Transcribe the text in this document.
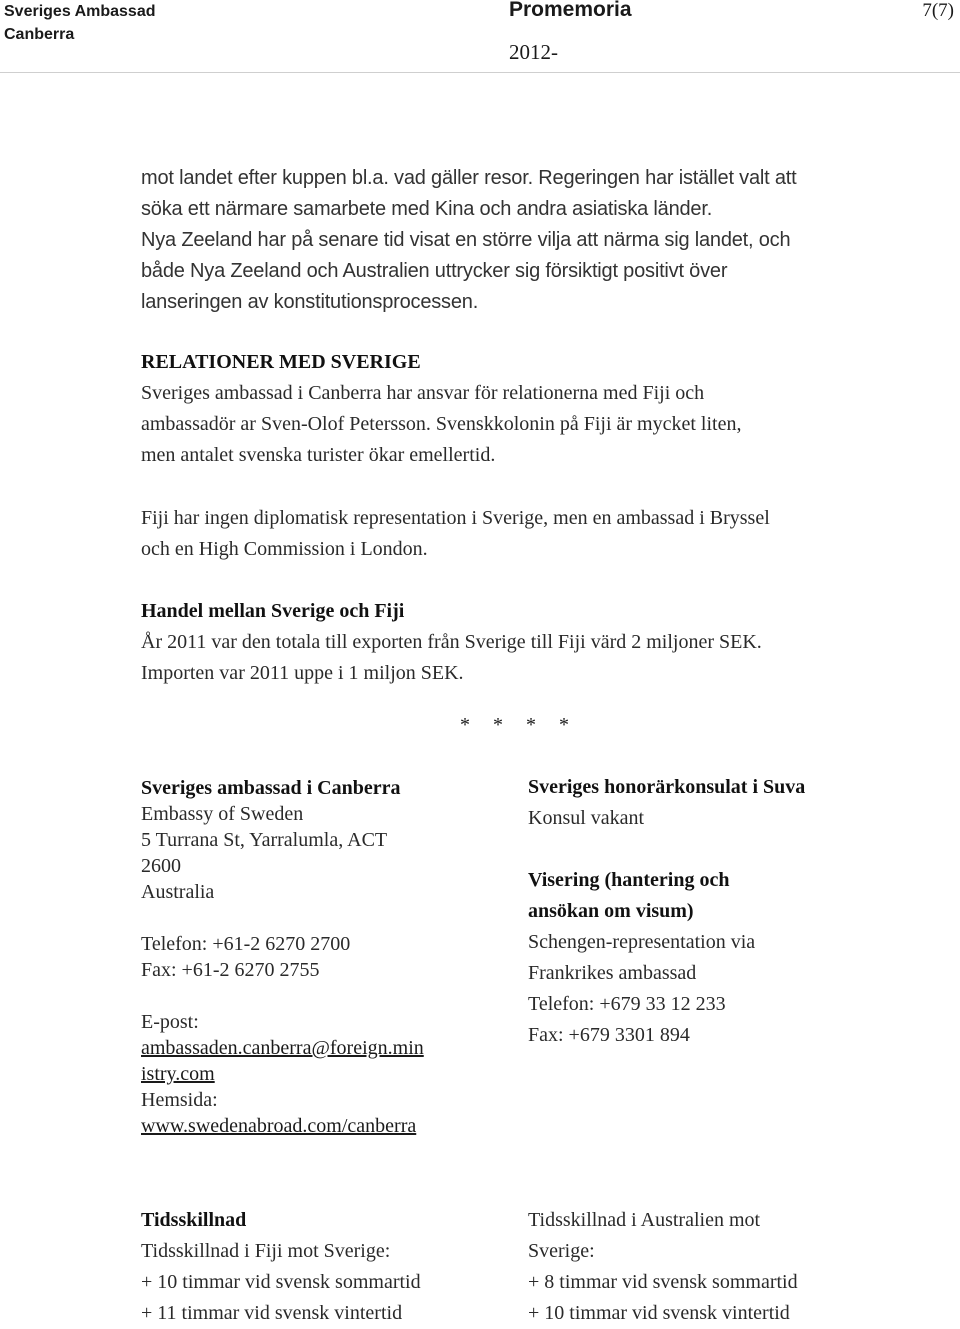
Sveriges Ambassad
Canberra
Promemoria	7(7)
2012-
mot landet efter kuppen bl.a. vad gäller resor. Regeringen har istället valt att
söka ett närmare samarbete med Kina och andra asiatiska länder.
Nya Zeeland har på senare tid visat en större vilja att närma sig landet, och
både Nya Zeeland och Australien uttrycker sig försiktigt positivt över
lanseringen av konstitutionsprocessen.
RELATIONER MED SVERIGE
Sveriges ambassad i Canberra har ansvar för relationerna med Fiji och
ambassadör ar Sven-Olof Petersson. Svenskkolonin på Fiji är mycket liten,
men antalet svenska turister ökar emellertid.
Fiji har ingen diplomatisk representation i Sverige, men en ambassad i Bryssel
och en High Commission i London.
Handel mellan Sverige och Fiji
År 2011 var den totala till exporten från Sverige till Fiji värd 2 miljoner SEK.
Importen var 2011 uppe i 1 miljon SEK.
* * * *
Sveriges ambassad i Canberra
Embassy of Sweden
5 Turrana St, Yarralumla, ACT
2600
Australia
Telefon: +61-2 6270 2700
Fax: +61-2 6270 2755
E-post:
ambassaden.canberra@foreign.min
istry.com
Hemsida:
www.swedenabroad.com/canberra
Sveriges honorärkonsulat i Suva
Konsul vakant
Visering (hantering och
ansökan om visum)
Schengen-representation via
Frankrikes ambassad
Telefon: +679 33 12 233
Fax: +679 3301 894
Tidsskillnad
Tidsskillnad i Fiji mot Sverige:
+ 10 timmar vid svensk sommartid
+ 11 timmar vid svensk vintertid
Tidsskillnad i Australien mot
Sverige:
+ 8 timmar vid svensk sommartid
+ 10 timmar vid svensk vintertid
